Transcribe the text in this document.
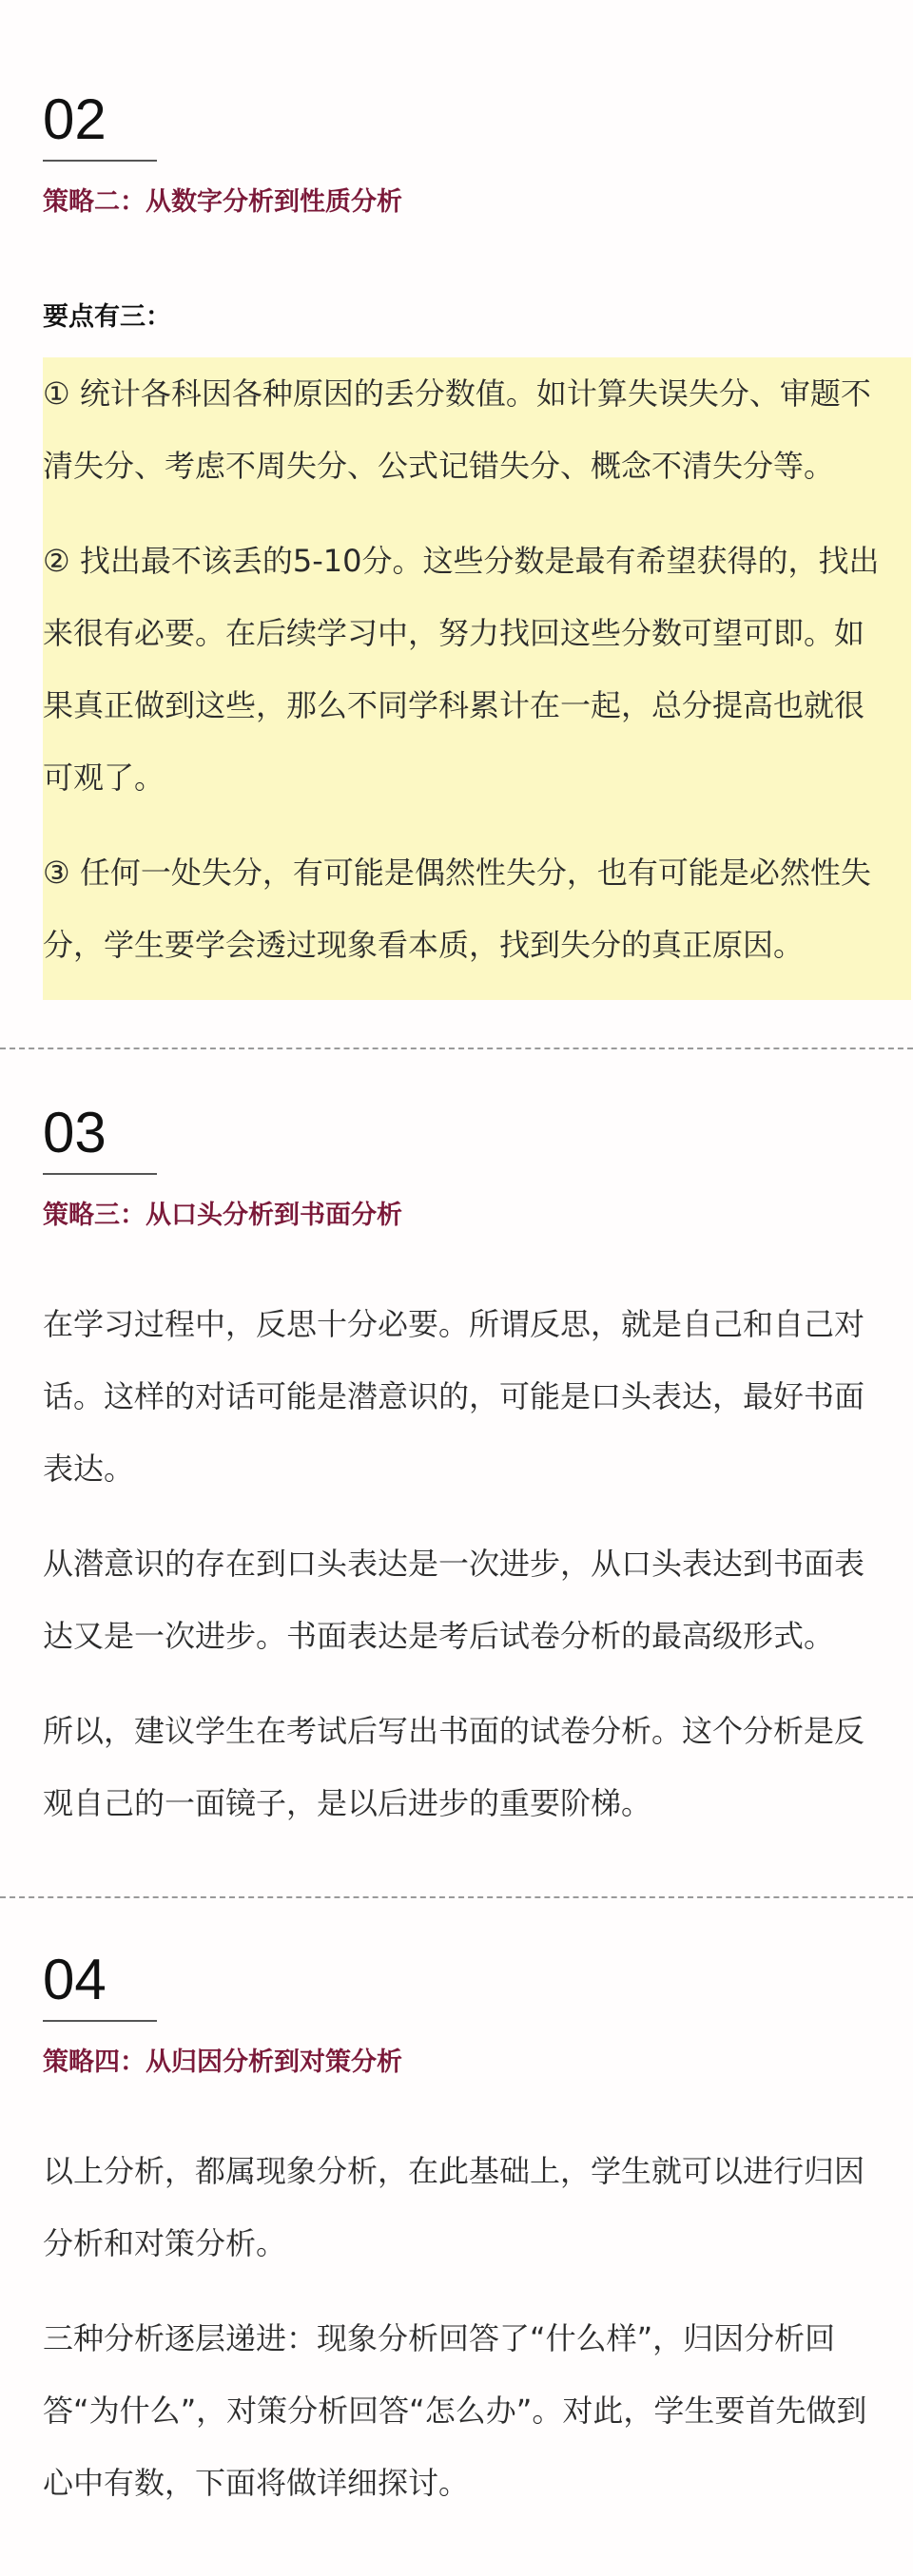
02
策略二：从数字分析到性质分析
要点有三：

① 统计各科因各种原因的丢分数值。如计算失误失分、审题不清失分、考虑不周失分、公式记错失分、概念不清失分等。

② 找出最不该丢的5-10分。这些分数是最有希望获得的，找出来很有必要。在后续学习中，努力找回这些分数可望可即。如果真正做到这些，那么不同学科累计在一起，总分提高也就很可观了。

③ 任何一处失分，有可能是偶然性失分，也有可能是必然性失分，学生要学会透过现象看本质，找到失分的真正原因。

03
策略三：从口头分析到书面分析

在学习过程中，反思十分必要。所谓反思，就是自己和自己对话。这样的对话可能是潜意识的，可能是口头表达，最好书面表达。

从潜意识的存在到口头表达是一次进步，从口头表达到书面表达又是一次进步。书面表达是考后试卷分析的最高级形式。

所以，建议学生在考试后写出书面的试卷分析。这个分析是反观自己的一面镜子，是以后进步的重要阶梯。

04
策略四：从归因分析到对策分析

以上分析，都属现象分析，在此基础上，学生就可以进行归因分析和对策分析。

三种分析逐层递进：现象分析回答了“什么样”，归因分析回答“为什么”，对策分析回答“怎么办”。对此，学生要首先做到心中有数，下面将做详细探讨。
